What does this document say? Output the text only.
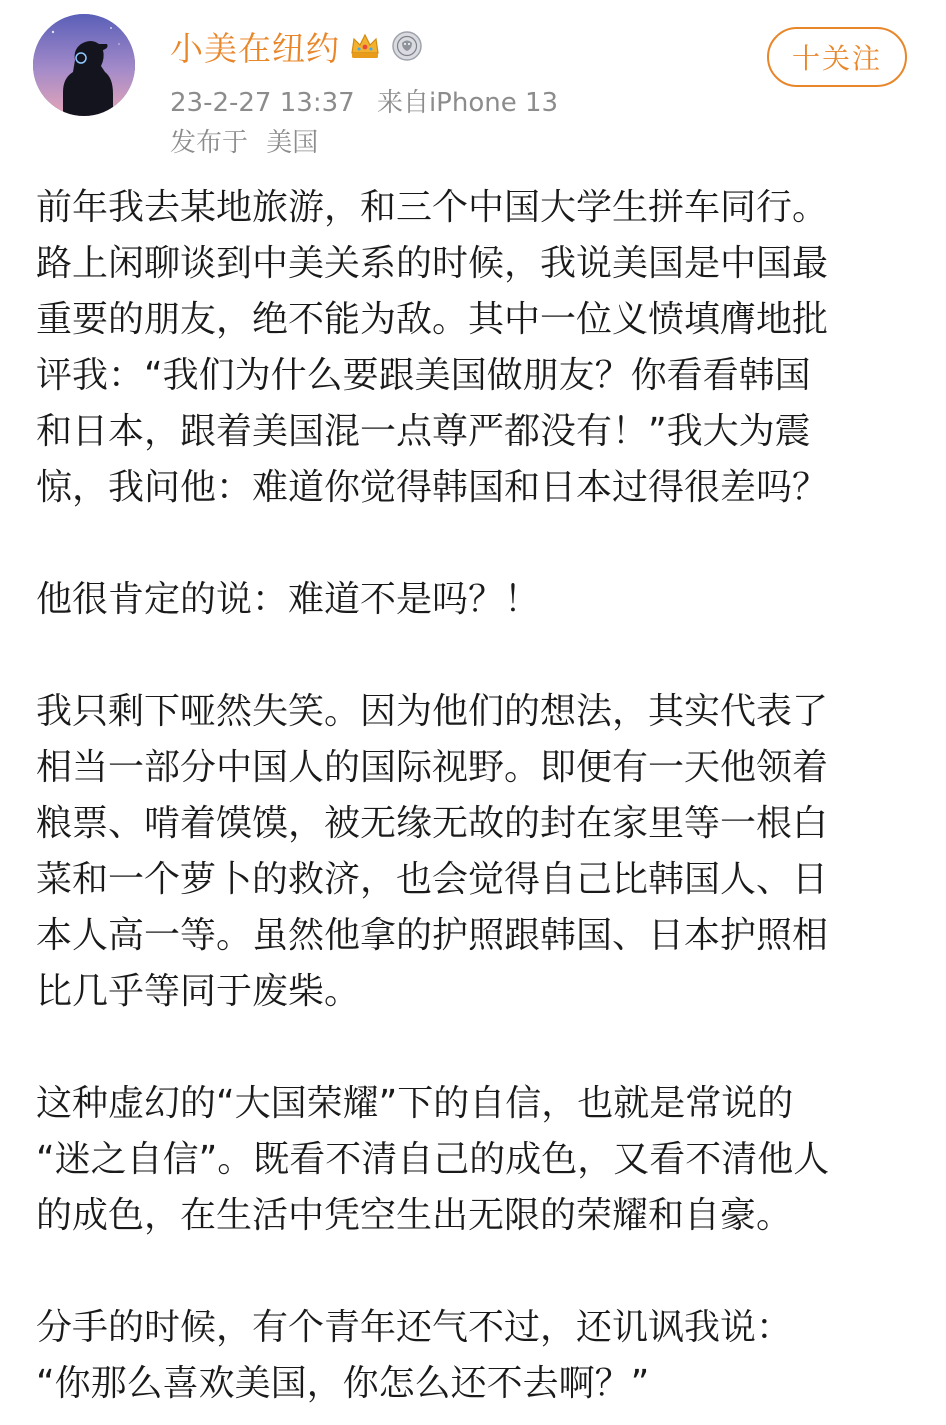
小美在纽约
23-2-27 13:37 来自iPhone 13
发布于 美国
十关注
前年我去某地旅游，和三个中国大学生拼车同行。
路上闲聊谈到中美关系的时候，我说美国是中国最
重要的朋友，绝不能为敌。其中一位义愤填膺地批
评我：“我们为什么要跟美国做朋友？你看看韩国
和日本，跟着美国混一点尊严都没有！”我大为震
惊，我问他：难道你觉得韩国和日本过得很差吗？
他很肯定的说：难道不是吗？！
我只剩下哑然失笑。因为他们的想法，其实代表了
相当一部分中国人的国际视野。即便有一天他领着
粮票、啃着馍馍，被无缘无故的封在家里等一根白
菜和一个萝卜的救济，也会觉得自己比韩国人、日
本人高一等。虽然他拿的护照跟韩国、日本护照相
比几乎等同于废柴。
这种虚幻的“大国荣耀”下的自信，也就是常说的
“迷之自信”。既看不清自己的成色，又看不清他人
的成色，在生活中凭空生出无限的荣耀和自豪。
分手的时候，有个青年还气不过，还讥讽我说：
“你那么喜欢美国，你怎么还不去啊？”
